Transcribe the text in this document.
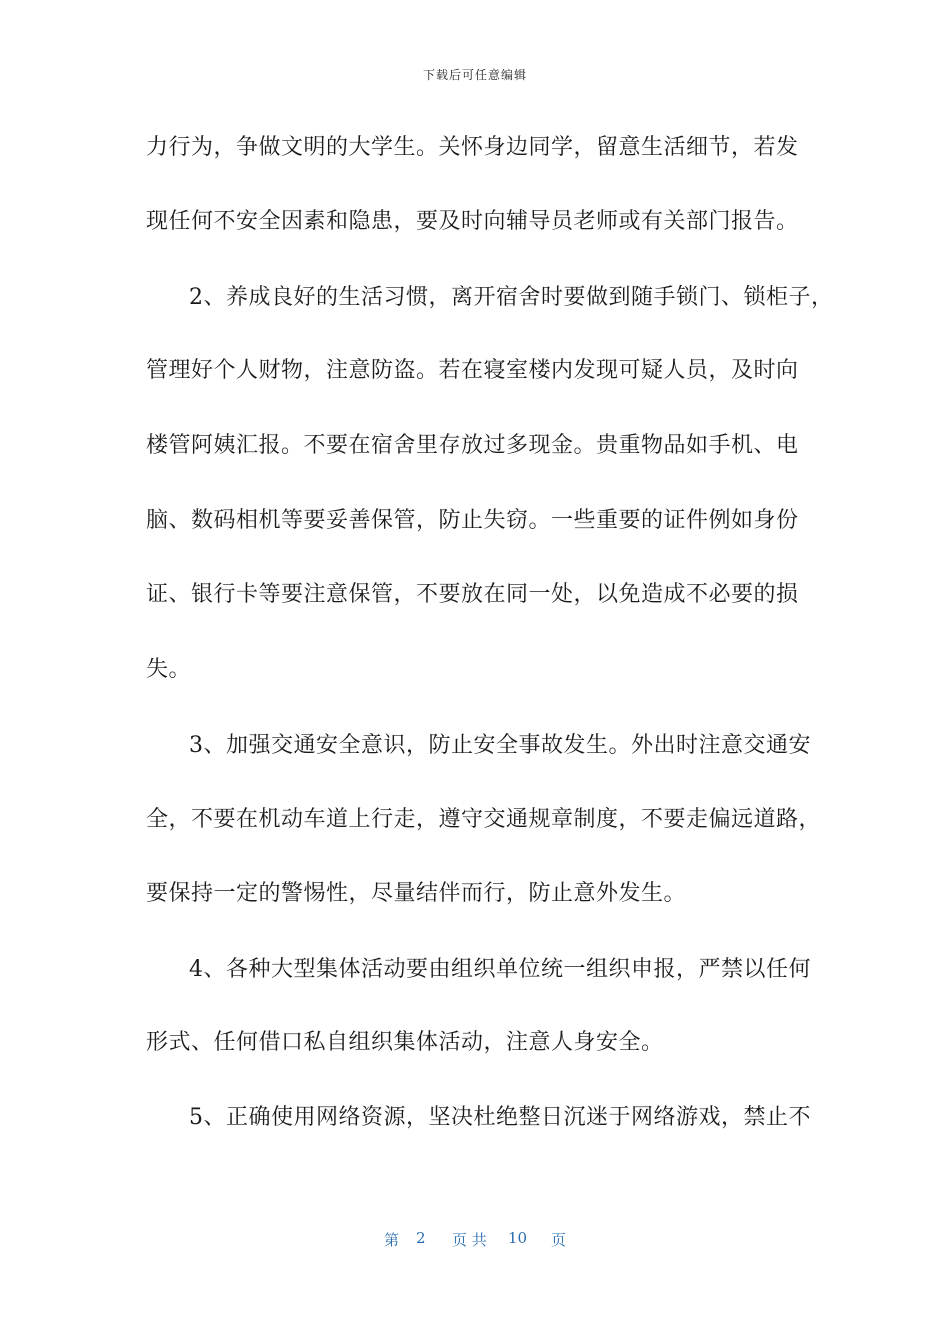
下载后可任意编辑
力行为，争做文明的大学生。关怀身边同学，留意生活细节，若发
现任何不安全因素和隐患，要及时向辅导员老师或有关部门报告。
2、养成良好的生活习惯，离开宿舍时要做到随手锁门、锁柜子，
管理好个人财物，注意防盗。若在寝室楼内发现可疑人员，及时向
楼管阿姨汇报。不要在宿舍里存放过多现金。贵重物品如手机、电
脑、数码相机等要妥善保管，防止失窃。一些重要的证件例如身份
证、银行卡等要注意保管，不要放在同一处，以免造成不必要的损
失。
3、加强交通安全意识，防止安全事故发生。外出时注意交通安
全，不要在机动车道上行走，遵守交通规章制度，不要走偏远道路，
要保持一定的警惕性，尽量结伴而行，防止意外发生。
4、各种大型集体活动要由组织单位统一组织申报，严禁以任何
形式、任何借口私自组织集体活动，注意人身安全。
5、正确使用网络资源，坚决杜绝整日沉迷于网络游戏，禁止不
第 2 页 共 10 页
